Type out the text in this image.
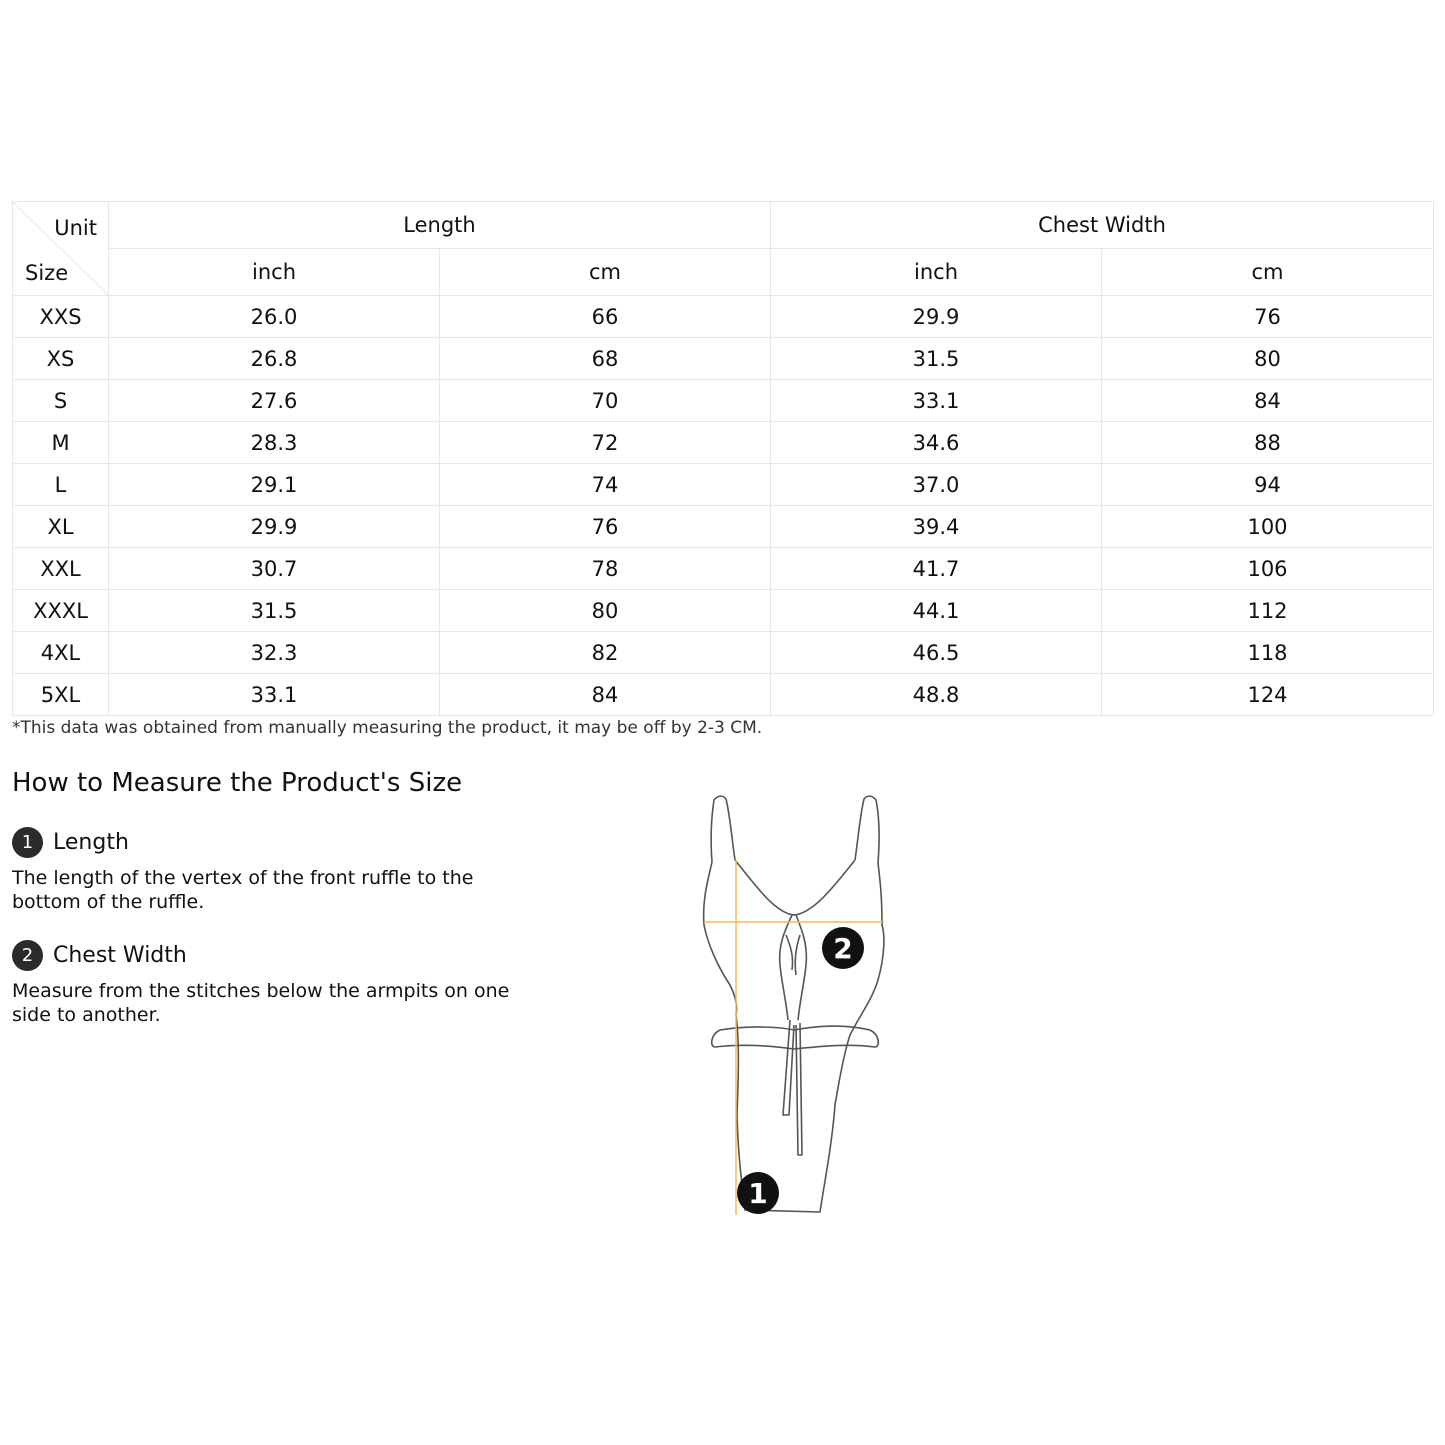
Unit
Size	Length		Chest Width	
	inch	cm	inch	cm
XXS	26.0	66	29.9	76
XS	26.8	68	31.5	80
S	27.6	70	33.1	84
M	28.3	72	34.6	88
L	29.1	74	37.0	94
XL	29.9	76	39.4	100
XXL	30.7	78	41.7	106
XXXL	31.5	80	44.1	112
4XL	32.3	82	46.5	118
5XL	33.1	84	48.8	124
*This data was obtained from manually measuring the product, it may be off by 2-3 CM.
How to Measure the Product's Size
1 Length
The length of the vertex of the front ruffle to the bottom of the ruffle.
2 Chest Width
Measure from the stitches below the armpits on one side to another.
2
1
